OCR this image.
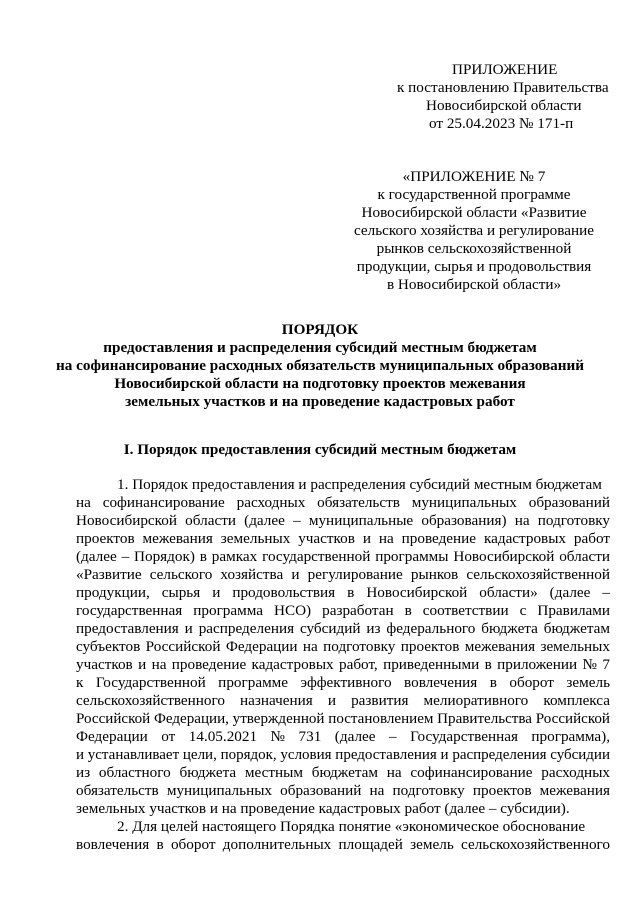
ПРИЛОЖЕНИЕ
к постановлению Правительства
Новосибирской области
от 25.04.2023 № 171-п
«ПРИЛОЖЕНИЕ № 7
к государственной программе
Новосибирской области «Развитие
сельского хозяйства и регулирование
рынков сельскохозяйственной
продукции, сырья и продовольствия
в Новосибирской области»
ПОРЯДОК
предоставления и распределения субсидий местным бюджетам
на софинансирование расходных обязательств муниципальных образований
Новосибирской области на подготовку проектов межевания
земельных участков и на проведение кадастровых работ
I. Порядок предоставления субсидий местным бюджетам
1. Порядок предоставления и распределения субсидий местным бюджетам
на софинансирование расходных обязательств муниципальных образований
Новосибирской области (далее – муниципальные образования) на подготовку
проектов межевания земельных участков и на проведение кадастровых работ
(далее – Порядок) в рамках государственной программы Новосибирской области
«Развитие сельского хозяйства и регулирование рынков сельскохозяйственной
продукции, сырья и продовольствия в Новосибирской области» (далее –
государственная программа НСО) разработан в соответствии с Правилами
предоставления и распределения субсидий из федерального бюджета бюджетам
субъектов Российской Федерации на подготовку проектов межевания земельных
участков и на проведение кадастровых работ, приведенными в приложении № 7
к Государственной программе эффективного вовлечения в оборот земель
сельскохозяйственного назначения и развития мелиоративного комплекса
Российской Федерации, утвержденной постановлением Правительства Российской
Федерации от 14.05.2021 № 731 (далее – Государственная программа),
и устанавливает цели, порядок, условия предоставления и распределения субсидии
из областного бюджета местным бюджетам на софинансирование расходных
обязательств муниципальных образований на подготовку проектов межевания
земельных участков и на проведение кадастровых работ (далее – субсидии).
2. Для целей настоящего Порядка понятие «экономическое обоснование
вовлечения в оборот дополнительных площадей земель сельскохозяйственного
